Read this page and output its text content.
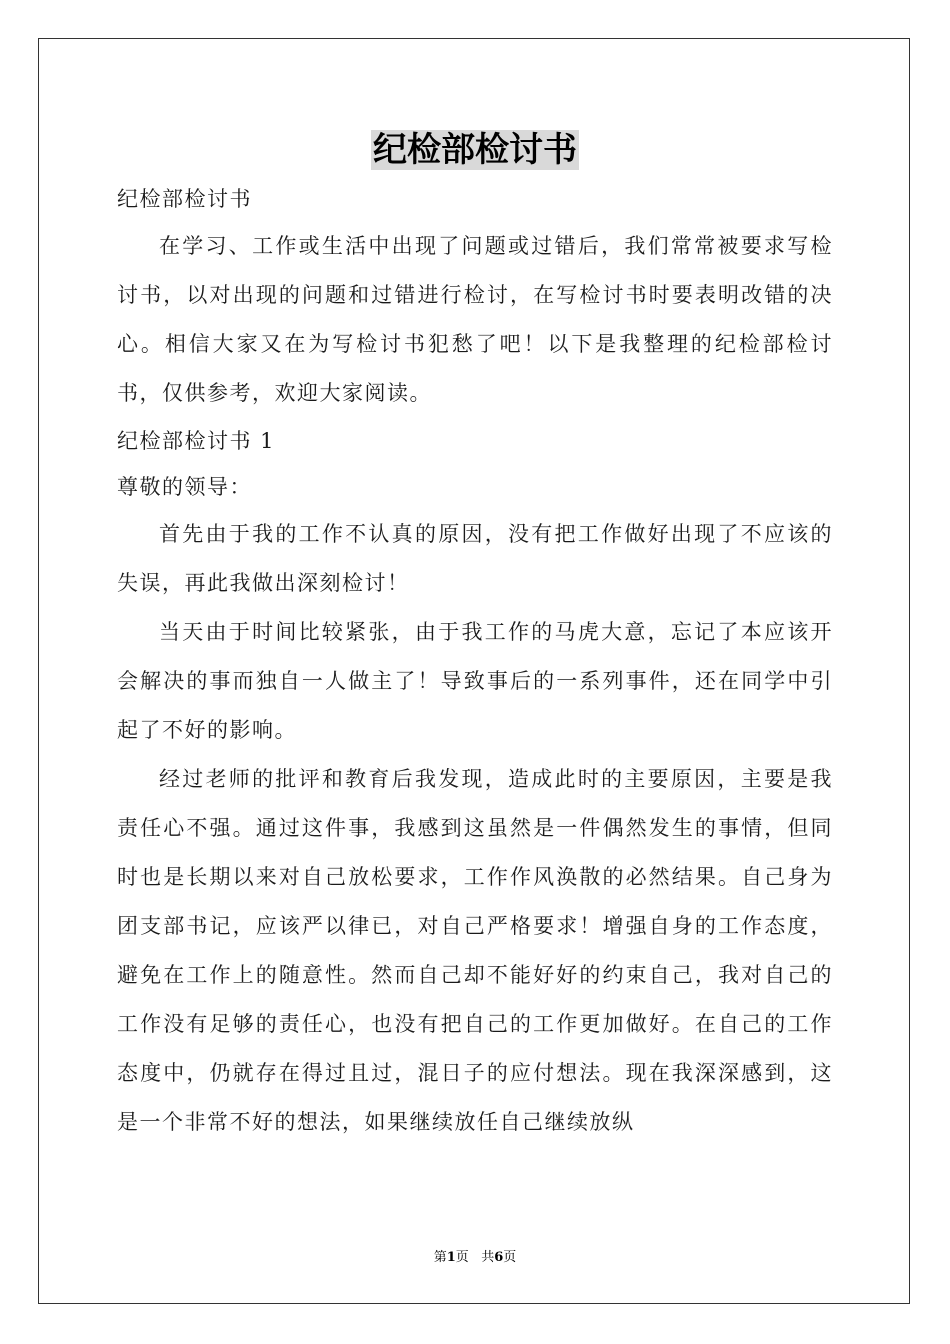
纪检部检讨书

纪检部检讨书

在学习、工作或生活中出现了问题或过错后，我们常常被要求写检讨书，以对出现的问题和过错进行检讨，在写检讨书时要表明改错的决心。相信大家又在为写检讨书犯愁了吧！以下是我整理的纪检部检讨书，仅供参考，欢迎大家阅读。

纪检部检讨书 1

尊敬的领导：

首先由于我的工作不认真的原因，没有把工作做好出现了不应该的失误，再此我做出深刻检讨！

当天由于时间比较紧张，由于我工作的马虎大意，忘记了本应该开会解决的事而独自一人做主了！导致事后的一系列事件，还在同学中引起了不好的影响。

经过老师的批评和教育后我发现，造成此时的主要原因，主要是我责任心不强。通过这件事，我感到这虽然是一件偶然发生的事情，但同时也是长期以来对自己放松要求，工作作风涣散的必然结果。自己身为团支部书记，应该严以律已，对自己严格要求！增强自身的工作态度，避免在工作上的随意性。然而自己却不能好好的约束自己，我对自己的工作没有足够的责任心，也没有把自己的工作更加做好。在自己的工作态度中，仍就存在得过且过，混日子的应付想法。现在我深深感到，这是一个非常不好的想法，如果继续放任自己继续放纵

第1页 共6页
